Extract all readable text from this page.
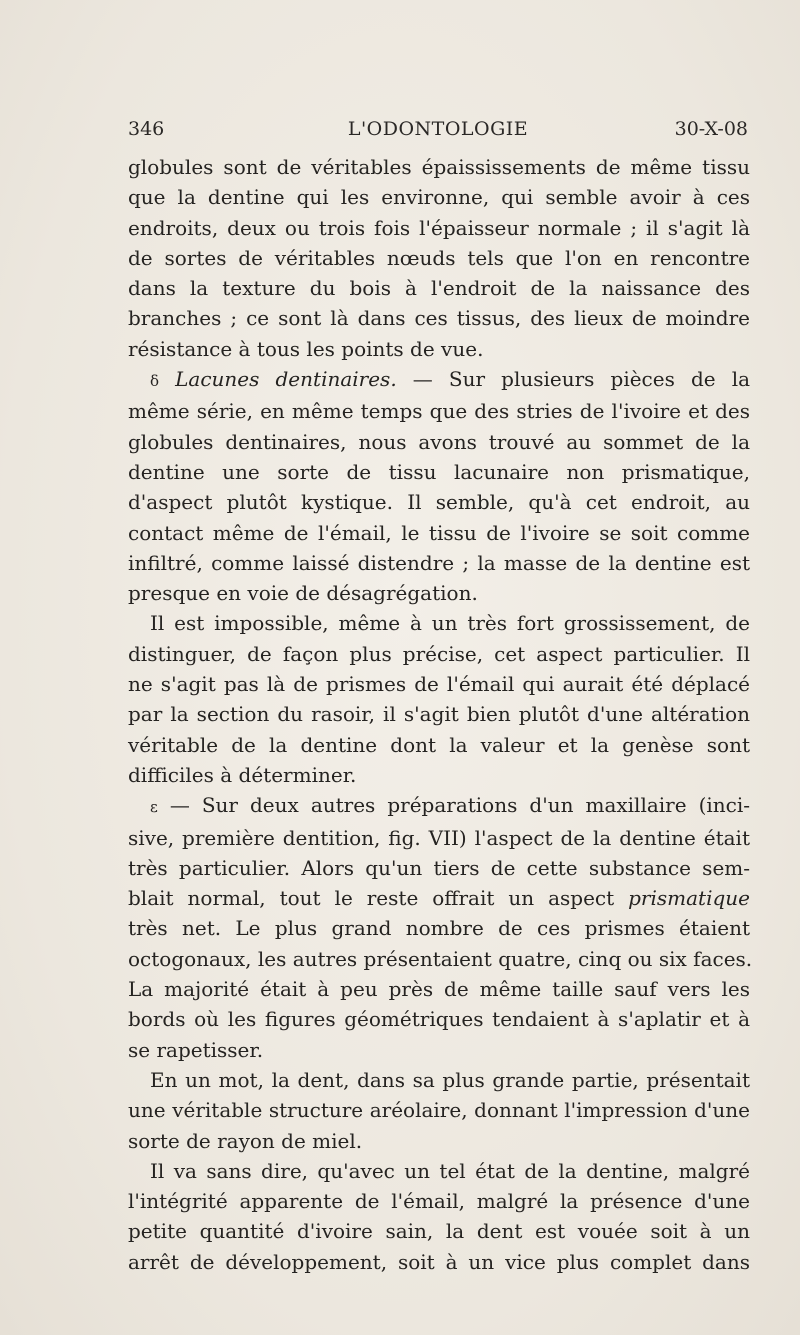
346	L'ODONTOLOGIE	30-X-08

globules sont de véritables épaississements de même tissu
que la dentine qui les environne, qui semble avoir à ces
endroits, deux ou trois fois l'épaisseur normale ; il s'agit là
de sortes de véritables nœuds tels que l'on en rencontre
dans la texture du bois à l'endroit de la naissance des
branches ; ce sont là dans ces tissus, des lieux de moindre
résistance à tous les points de vue.

δ Lacunes dentinaires. — Sur plusieurs pièces de la
même série, en même temps que des stries de l'ivoire et des
globules dentinaires, nous avons trouvé au sommet de la
dentine une sorte de tissu lacunaire non prismatique,
d'aspect plutôt kystique. Il semble, qu'à cet endroit, au
contact même de l'émail, le tissu de l'ivoire se soit comme
infiltré, comme laissé distendre ; la masse de la dentine est
presque en voie de désagrégation.

Il est impossible, même à un très fort grossissement, de
distinguer, de façon plus précise, cet aspect particulier. Il
ne s'agit pas là de prismes de l'émail qui aurait été déplacé
par la section du rasoir, il s'agit bien plutôt d'une altération
véritable de la dentine dont la valeur et la genèse sont
difficiles à déterminer.

ε — Sur deux autres préparations d'un maxillaire (inci-
sive, première dentition, fig. VII) l'aspect de la dentine était
très particulier. Alors qu'un tiers de cette substance sem-
blait normal, tout le reste offrait un aspect prismatique
très net. Le plus grand nombre de ces prismes étaient
octogonaux, les autres présentaient quatre, cinq ou six faces.
La majorité était à peu près de même taille sauf vers les
bords où les figures géométriques tendaient à s'aplatir et à
se rapetisser.

En un mot, la dent, dans sa plus grande partie, présentait
une véritable structure aréolaire, donnant l'impression d'une
sorte de rayon de miel.

Il va sans dire, qu'avec un tel état de la dentine, malgré
l'intégrité apparente de l'émail, malgré la présence d'une
petite quantité d'ivoire sain, la dent est vouée soit à un
arrêt de développement, soit à un vice plus complet dans
